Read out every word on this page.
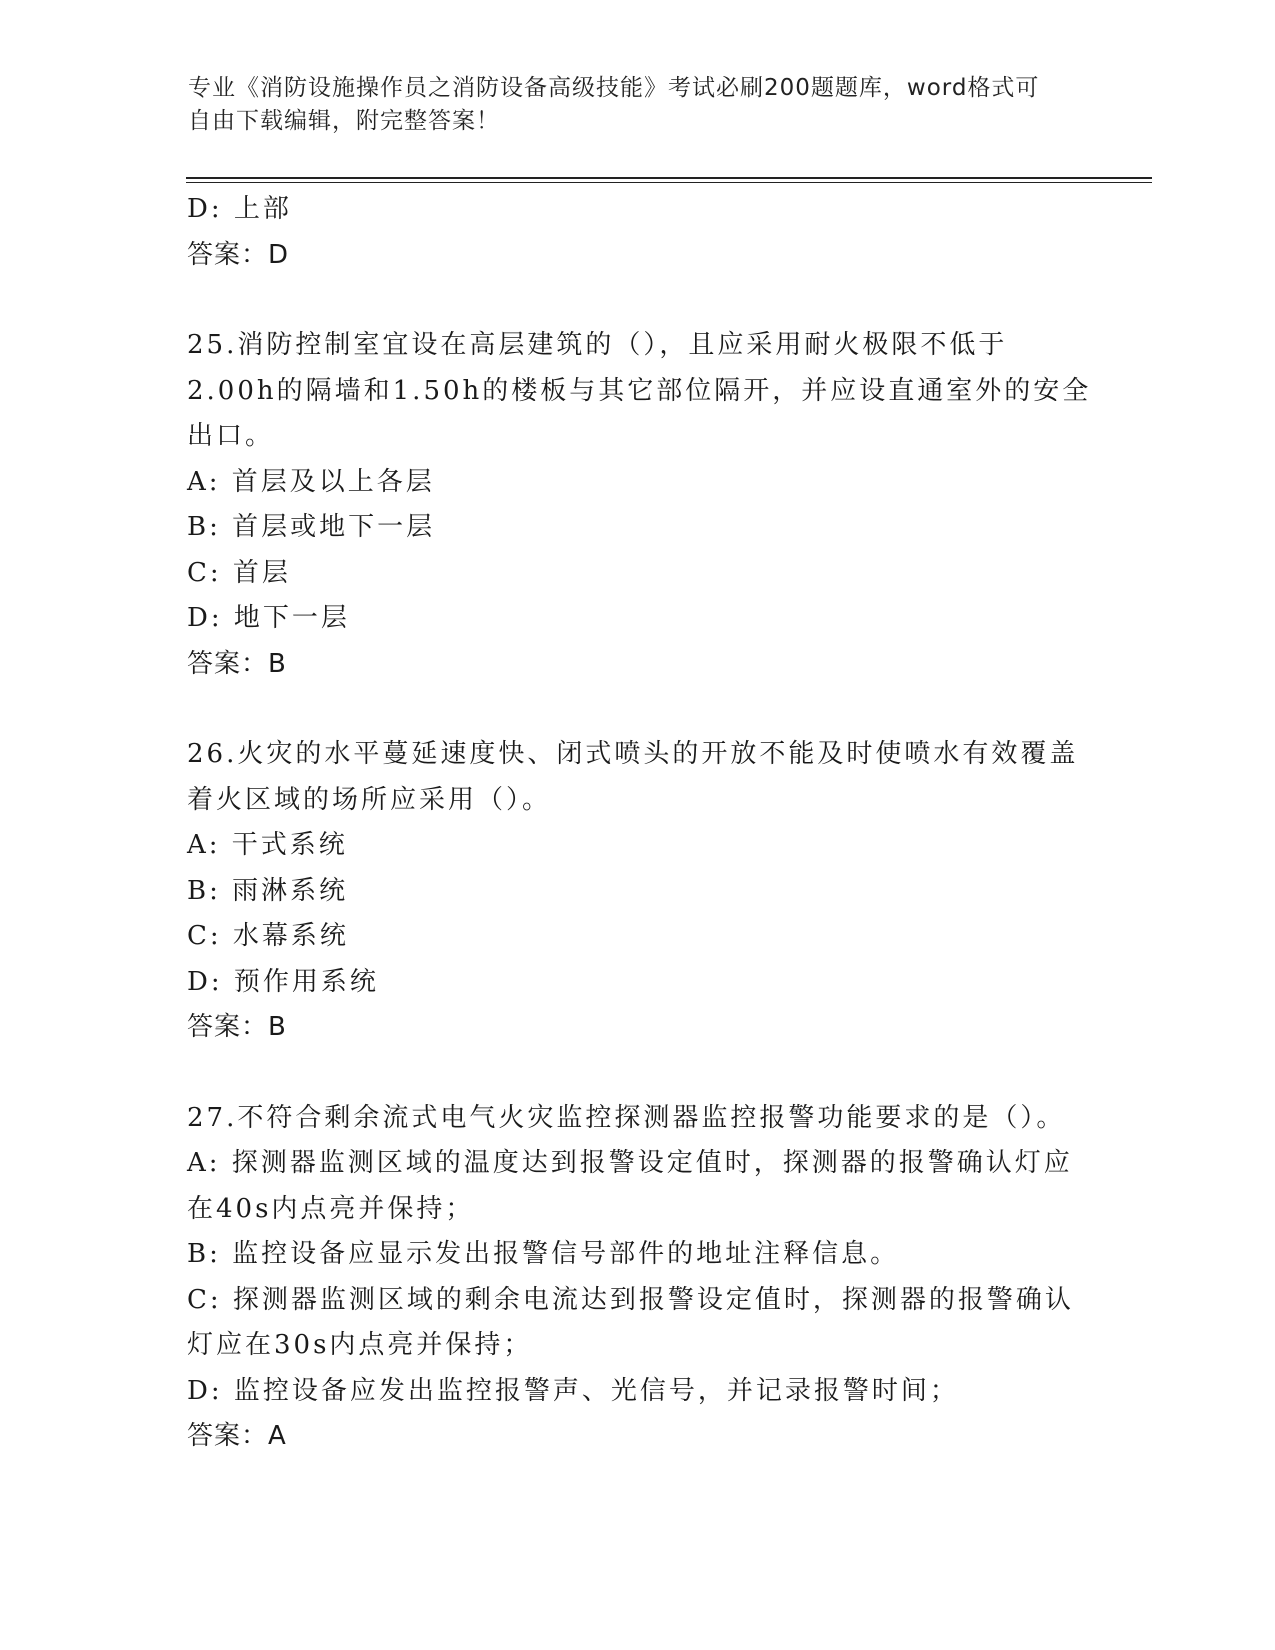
专业《消防设施操作员之消防设备高级技能》考试必刷200题题库，word格式可
自由下载编辑，附完整答案！
D: 上部
答案：D
25.消防控制室宜设在高层建筑的（），且应采用耐火极限不低于
2.00h的隔墙和1.50h的楼板与其它部位隔开，并应设直通室外的安全
出口。
A: 首层及以上各层
B: 首层或地下一层
C: 首层
D: 地下一层
答案：B
26.火灾的水平蔓延速度快、闭式喷头的开放不能及时使喷水有效覆盖
着火区域的场所应采用（）。
A: 干式系统
B: 雨淋系统
C: 水幕系统
D: 预作用系统
答案：B
27.不符合剩余流式电气火灾监控探测器监控报警功能要求的是（）。
A: 探测器监测区域的温度达到报警设定值时，探测器的报警确认灯应
在40s内点亮并保持；
B: 监控设备应显示发出报警信号部件的地址注释信息。
C: 探测器监测区域的剩余电流达到报警设定值时，探测器的报警确认
灯应在30s内点亮并保持；
D: 监控设备应发出监控报警声、光信号，并记录报警时间；
答案：A
